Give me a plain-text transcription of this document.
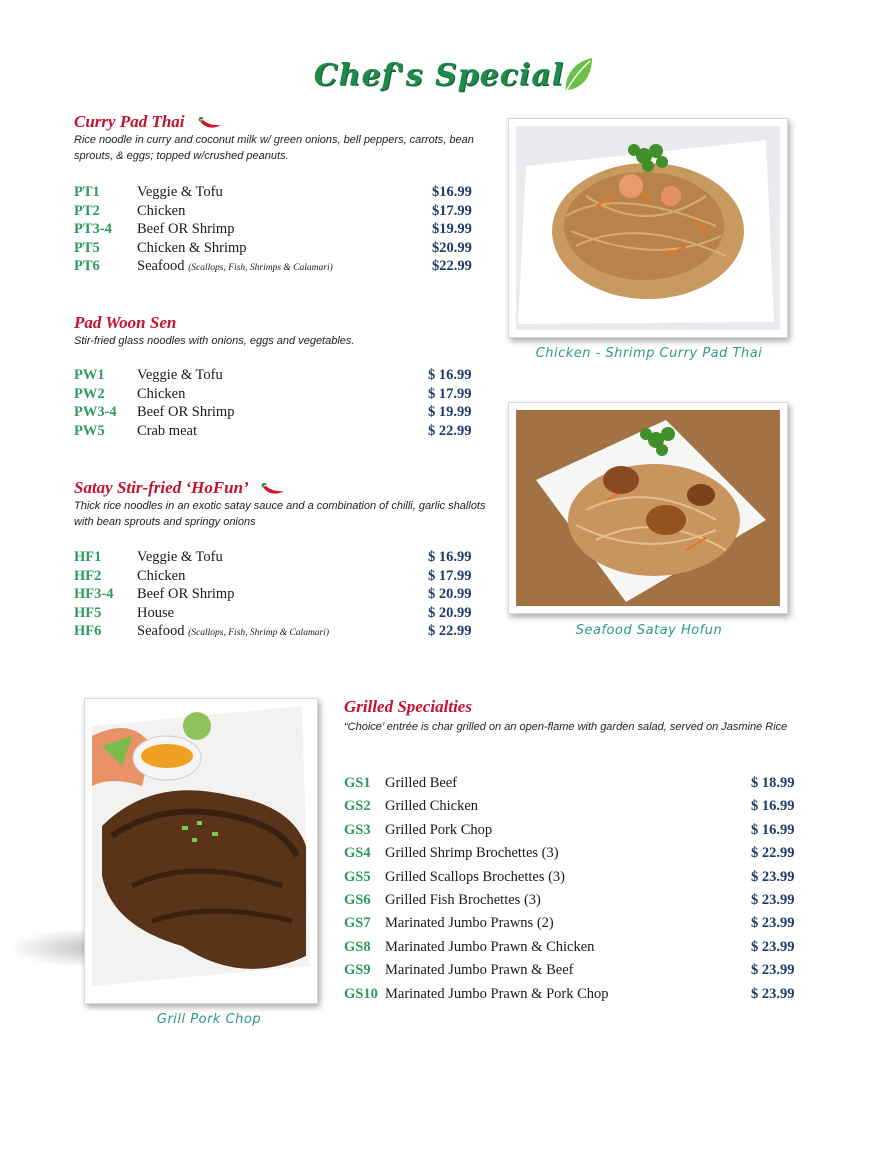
Chef's Special
Curry Pad Thai
Rice noodle in curry and coconut milk w/ green onions, bell peppers, carrots, bean sprouts, & eggs; topped w/crushed peanuts.
PT1	Veggie & Tofu	$16.99
PT2	Chicken	$17.99
PT3-4 Beef OR Shrimp	$19.99
PT5	Chicken & Shrimp	$20.99
PT6	Seafood (Scallops, Fish, Shrimps & Calamari)	$22.99
Pad Woon Sen
Stir-fried glass noodles with onions, eggs and vegetables.
PW1 Veggie & Tofu	$ 16.99
PW2 Chicken	$ 17.99
PW3-4 Beef OR Shrimp	$ 19.99
PW5 Crab meat	$ 22.99
Satay Stir-fried ‘HoFun’
Thick rice noodles in an exotic satay sauce and a combination of chilli, garlic shallots with bean sprouts and springy onions
HF1 Veggie & Tofu	$ 16.99
HF2 Chicken	$ 17.99
HF3-4 Beef OR Shrimp	$ 20.99
HF5 House	$ 20.99
HF6 Seafood (Scallops, Fish, Shrimp & Calamari)	$ 22.99
Grilled Specialties
“Choice’ entrée is char grilled on an open-flame with garden salad, served on Jasmine Rice
GS1 Grilled Beef	$ 18.99
GS2 Grilled Chicken	$ 16.99
GS3 Grilled Pork Chop	$ 16.99
GS4 Grilled Shrimp Brochettes (3)	$ 22.99
GS5 Grilled Scallops Brochettes (3)	$ 23.99
GS6 Grilled Fish Brochettes (3)	$ 23.99
GS7 Marinated Jumbo Prawns (2)	$ 23.99
GS8 Marinated Jumbo Prawn & Chicken	$ 23.99
GS9 Marinated Jumbo Prawn & Beef	$ 23.99
GS10 Marinated Jumbo Prawn & Pork Chop	$ 23.99
Chicken - Shrimp Curry Pad Thai
Seafood Satay Hofun
Grill Pork Chop
